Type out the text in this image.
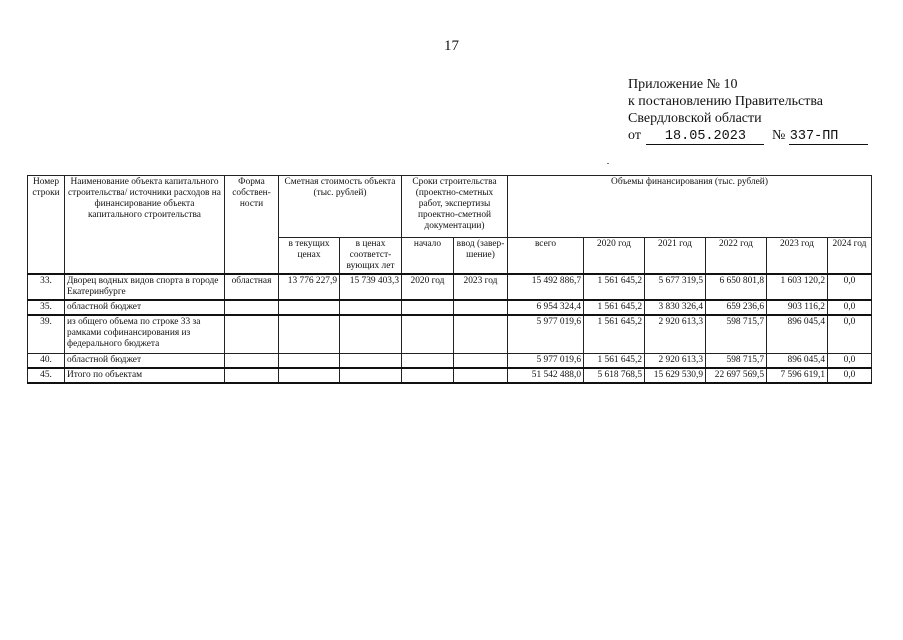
17
Приложение № 10
к постановлению Правительства
Свердловской области
от 18.05.2023 № 337-ПП
Номер строки	Наименование объекта капитального строительства/ источники расходов на финансирование объекта капитального строительства	Форма собствен-ности	Сметная стоимость объекта (тыс. рублей)		Сроки строительства (проектно-сметных работ, экспертизы проектно-сметной документации)		Объемы финансирования (тыс. рублей)					
			в текущих ценах	в ценах соответст-вующих лет	начало	ввод (завер-шение)	всего	2020 год	2021 год	2022 год	2023 год	2024 год
33.	Дворец водных видов спорта в городе Екатеринбурге	областная	13 776 227,9	15 739 403,3	2020 год	2023 год	15 492 886,7	1 561 645,2	5 677 319,5	6 650 801,8	1 603 120,2	0,0
35.	областной бюджет						6 954 324,4	1 561 645,2	3 830 326,4	659 236,6	903 116,2	0,0
39.	из общего объема по строке 33 за рамками софинансирования из федерального бюджета						5 977 019,6	1 561 645,2	2 920 613,3	598 715,7	896 045,4	0,0
40.	областной бюджет						5 977 019,6	1 561 645,2	2 920 613,3	598 715,7	896 045,4	0,0
45.	Итого по объектам						51 542 488,0	5 618 768,5	15 629 530,9	22 697 569,5	7 596 619,1	0,0
